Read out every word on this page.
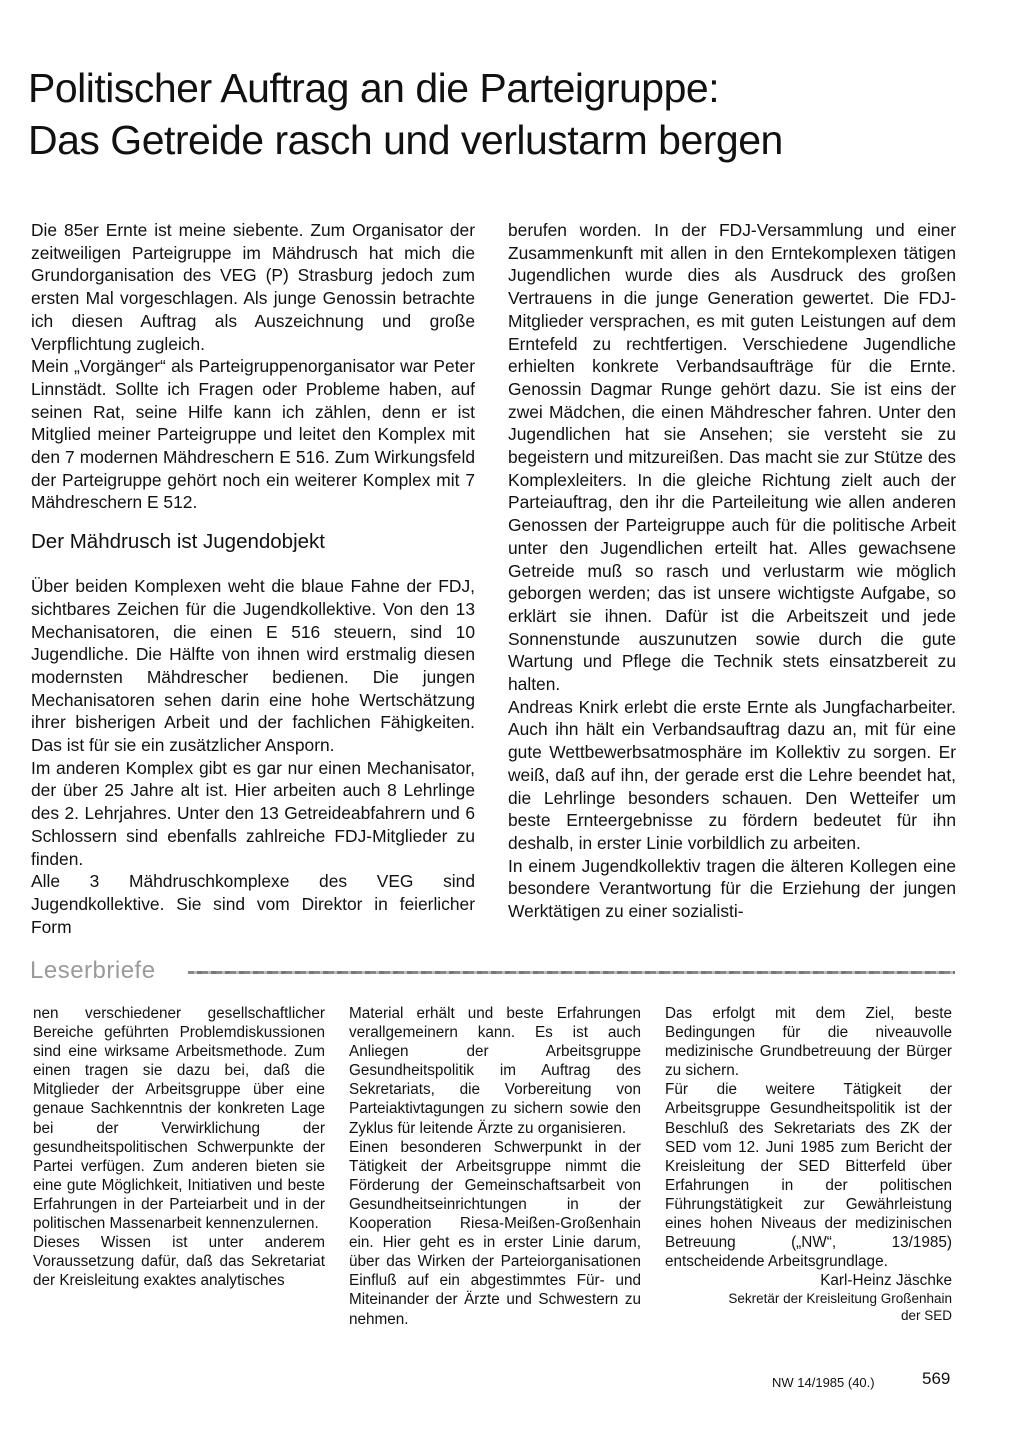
Politischer Auftrag an die Parteigruppe:
Das Getreide rasch und verlustarm bergen

Die 85er Ernte ist meine siebente. Zum Organisator der zeitweiligen Parteigruppe im Mähdrusch hat mich die Grundorganisation des VEG (P) Strasburg jedoch zum ersten Mal vorgeschlagen. Als junge Genossin betrachte ich diesen Auftrag als Auszeichnung und große Verpflichtung zugleich.

Mein „Vorgänger“ als Parteigruppenorganisator war Peter Linnstädt. Sollte ich Fragen oder Probleme haben, auf seinen Rat, seine Hilfe kann ich zählen, denn er ist Mitglied meiner Parteigruppe und leitet den Komplex mit den 7 modernen Mähdreschern E 516. Zum Wirkungsfeld der Parteigruppe gehört noch ein weiterer Komplex mit 7 Mähdreschern E 512.

Der Mähdrusch ist Jugendobjekt

Über beiden Komplexen weht die blaue Fahne der FDJ, sichtbares Zeichen für die Jugendkollektive. Von den 13 Mechanisatoren, die einen E 516 steuern, sind 10 Jugendliche. Die Hälfte von ihnen wird erstmalig diesen modernsten Mähdrescher bedienen. Die jungen Mechanisatoren sehen darin eine hohe Wertschätzung ihrer bisherigen Arbeit und der fachlichen Fähigkeiten. Das ist für sie ein zusätzlicher Ansporn.

Im anderen Komplex gibt es gar nur einen Mechanisator, der über 25 Jahre alt ist. Hier arbeiten auch 8 Lehrlinge des 2. Lehrjahres. Unter den 13 Getreideabfahrern und 6 Schlossern sind ebenfalls zahlreiche FDJ-Mitglieder zu finden.

Alle 3 Mähdruschkomplexe des VEG sind Jugendkollektive. Sie sind vom Direktor in feierlicher Form

berufen worden. In der FDJ-Versammlung und einer Zusammenkunft mit allen in den Erntekomplexen tätigen Jugendlichen wurde dies als Ausdruck des großen Vertrauens in die junge Generation gewertet. Die FDJ-Mitglieder versprachen, es mit guten Leistungen auf dem Erntefeld zu rechtfertigen. Verschiedene Jugendliche erhielten konkrete Verbandsaufträge für die Ernte. Genossin Dagmar Runge gehört dazu. Sie ist eins der zwei Mädchen, die einen Mähdrescher fahren. Unter den Jugendlichen hat sie Ansehen; sie versteht sie zu begeistern und mitzureißen. Das macht sie zur Stütze des Komplexleiters. In die gleiche Richtung zielt auch der Parteiauftrag, den ihr die Parteileitung wie allen anderen Genossen der Parteigruppe auch für die politische Arbeit unter den Jugendlichen erteilt hat. Alles gewachsene Getreide muß so rasch und verlustarm wie möglich geborgen werden; das ist unsere wichtigste Aufgabe, so erklärt sie ihnen. Dafür ist die Arbeitszeit und jede Sonnenstunde auszunutzen sowie durch die gute Wartung und Pflege die Technik stets einsatzbereit zu halten.

Andreas Knirk erlebt die erste Ernte als Jungfacharbeiter. Auch ihn hält ein Verbandsauftrag dazu an, mit für eine gute Wettbewerbsatmosphäre im Kollektiv zu sorgen. Er weiß, daß auf ihn, der gerade erst die Lehre beendet hat, die Lehrlinge besonders schauen. Den Wetteifer um beste Ernteergebnisse zu fördern bedeutet für ihn deshalb, in erster Linie vorbildlich zu arbeiten.

In einem Jugendkollektiv tragen die älteren Kollegen eine besondere Verantwortung für die Erziehung der jungen Werktätigen zu einer sozialisti-

Leserbriefe

nen verschiedener gesellschaftlicher Bereiche geführten Problemdiskussionen sind eine wirksame Arbeitsmethode. Zum einen tragen sie dazu bei, daß die Mitglieder der Arbeitsgruppe über eine genaue Sachkenntnis der konkreten Lage bei der Verwirklichung der gesundheitspolitischen Schwerpunkte der Partei verfügen. Zum anderen bieten sie eine gute Möglichkeit, Initiativen und beste Erfahrungen in der Parteiarbeit und in der politischen Massenarbeit kennenzulernen.

Dieses Wissen ist unter anderem Voraussetzung dafür, daß das Sekretariat der Kreisleitung exaktes analytisches

Material erhält und beste Erfahrungen verallgemeinern kann. Es ist auch Anliegen der Arbeitsgruppe Gesundheitspolitik im Auftrag des Sekretariats, die Vorbereitung von Parteiaktivtagungen zu sichern sowie den Zyklus für leitende Ärzte zu organisieren.

Einen besonderen Schwerpunkt in der Tätigkeit der Arbeitsgruppe nimmt die Förderung der Gemeinschaftsarbeit von Gesundheitseinrichtungen in der Kooperation Riesa-Meißen-Großenhain ein. Hier geht es in erster Linie darum, über das Wirken der Parteiorganisationen Einfluß auf ein abgestimmtes Für- und Miteinander der Ärzte und Schwestern zu nehmen.

Das erfolgt mit dem Ziel, beste Bedingungen für die niveauvolle medizinische Grundbetreuung der Bürger zu sichern.

Für die weitere Tätigkeit der Arbeitsgruppe Gesundheitspolitik ist der Beschluß des Sekretariats des ZK der SED vom 12. Juni 1985 zum Bericht der Kreisleitung der SED Bitterfeld über Erfahrungen in der politischen Führungstätigkeit zur Gewährleistung eines hohen Niveaus der medizinischen Betreuung („NW“, 13/1985) entscheidende Arbeitsgrundlage.

Karl-Heinz Jäschke

Sekretär der Kreisleitung Großenhain

der SED

NW 14/1985 (40.)	569
